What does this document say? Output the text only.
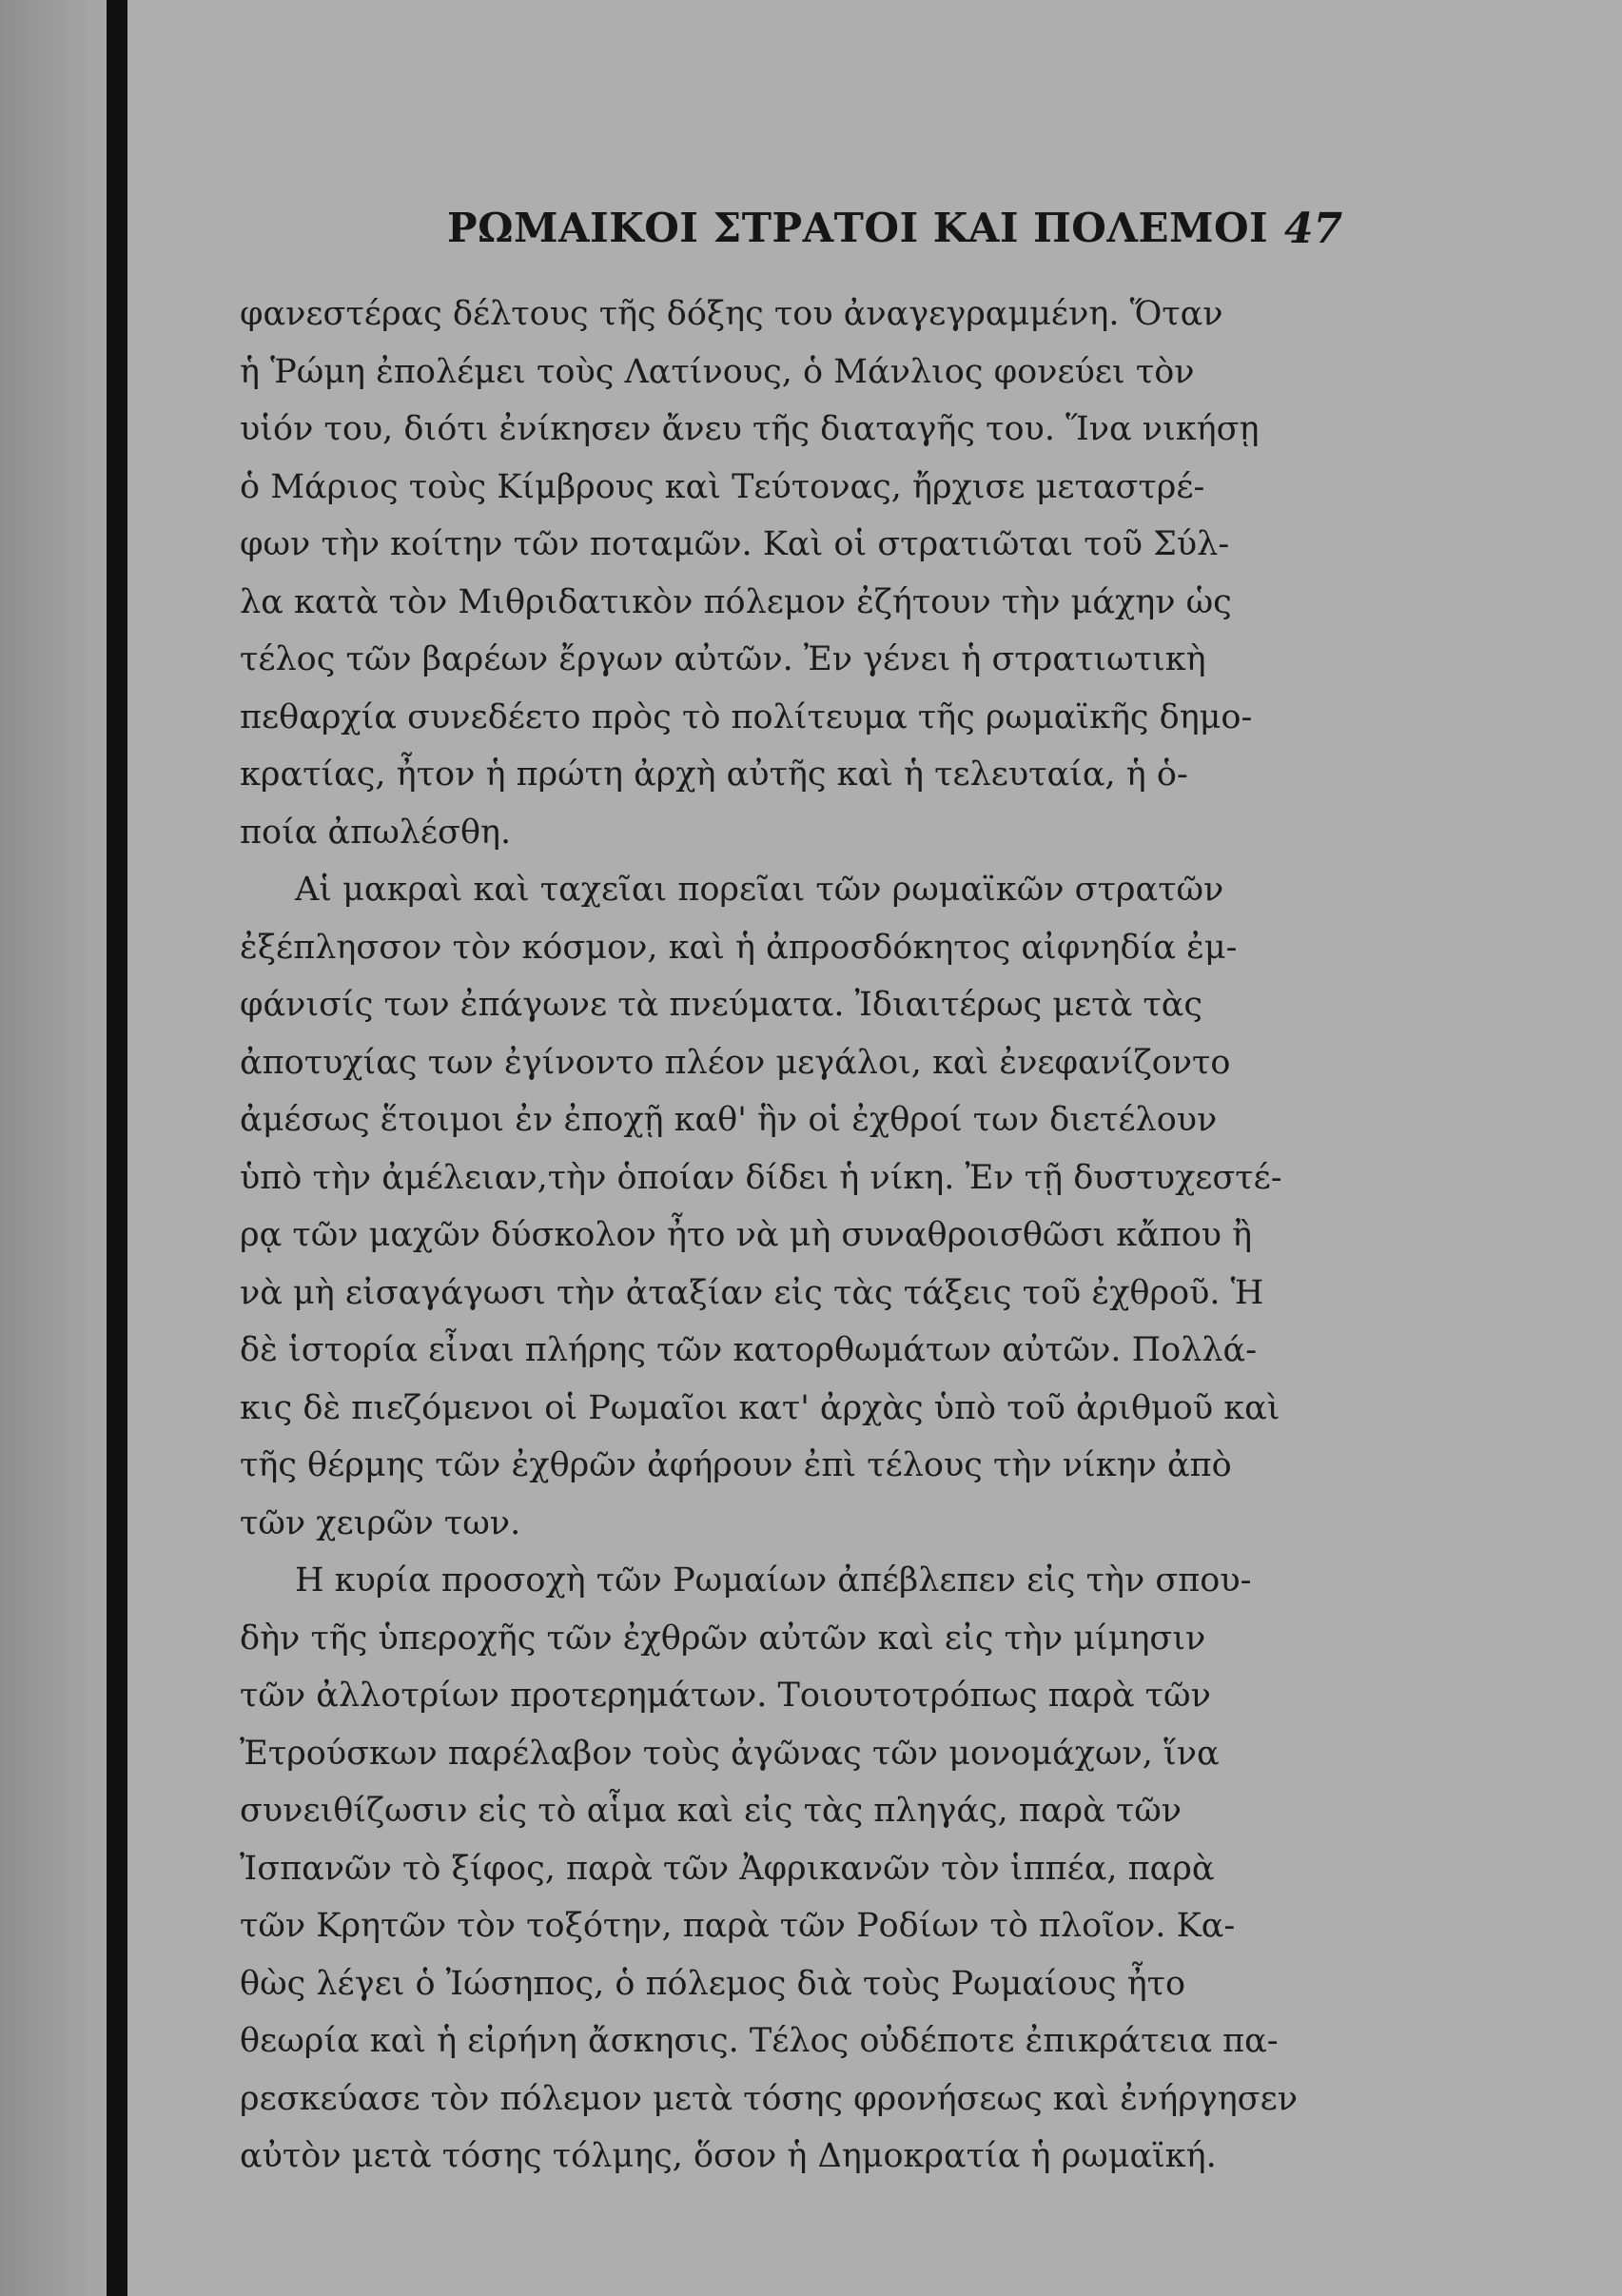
ΡΩΜΑΙΚΟΙ ΣΤΡΑΤΟΙ ΚΑΙ ΠΟΛΕΜΟΙ 47
φανεστέρας δέλτους τῆς δόξης του ἀναγεγραμμένη. Ὅταν
ἡ Ῥώμη ἐπολέμει τοὺς Λατίνους, ὁ Μάνλιος φονεύει τὸν
υἱόν του, διότι ἐνίκησεν ἄνευ τῆς διαταγῆς του. Ἵνα νικήσῃ
ὁ Μάριος τοὺς Κίμβρους καὶ Τεύτονας, ἤρχισε μεταστρέ-
φων τὴν κοίτην τῶν ποταμῶν. Καὶ οἱ στρατιῶται τοῦ Σύλ-
λα κατὰ τὸν Μιθριδατικὸν πόλεμον ἐζήτουν τὴν μάχην ὡς
τέλος τῶν βαρέων ἔργων αὐτῶν. Ἐν γένει ἡ στρατιωτικὴ
πεθαρχία συνεδέετο πρὸς τὸ πολίτευμα τῆς ρωμαϊκῆς δημο-
κρατίας, ἦτον ἡ πρώτη ἀρχὴ αὐτῆς καὶ ἡ τελευταία, ἡ ὁ-
ποία ἀπωλέσθη.
Αἱ μακραὶ καὶ ταχεῖαι πορεῖαι τῶν ρωμαϊκῶν στρατῶν
ἐξέπλησσον τὸν κόσμον, καὶ ἡ ἀπροσδόκητος αἰφνηδία ἐμ-
φάνισίς των ἐπάγωνε τὰ πνεύματα. Ἰδιαιτέρως μετὰ τὰς
ἀποτυχίας των ἐγίνοντο πλέον μεγάλοι, καὶ ἐνεφανίζοντο
ἀμέσως ἕτοιμοι ἐν ἐποχῇ καθ' ἣν οἱ ἐχθροί των διετέλουν
ὑπὸ τὴν ἀμέλειαν,τὴν ὁποίαν δίδει ἡ νίκη. Ἐν τῇ δυστυχεστέ-
ρᾳ τῶν μαχῶν δύσκολον ἦτο νὰ μὴ συναθροισθῶσι κἄπου ἢ
νὰ μὴ εἰσαγάγωσι τὴν ἀταξίαν εἰς τὰς τάξεις τοῦ ἐχθροῦ. Ἡ
δὲ ἱστορία εἶναι πλήρης τῶν κατορθωμάτων αὐτῶν. Πολλά-
κις δὲ πιεζόμενοι οἱ Ρωμαῖοι κατ' ἀρχὰς ὑπὸ τοῦ ἀριθμοῦ καὶ
τῆς θέρμης τῶν ἐχθρῶν ἀφήρουν ἐπὶ τέλους τὴν νίκην ἀπὸ
τῶν χειρῶν των.
Η κυρία προσοχὴ τῶν Ρωμαίων ἀπέβλεπεν εἰς τὴν σπου-
δὴν τῆς ὑπεροχῆς τῶν ἐχθρῶν αὐτῶν καὶ εἰς τὴν μίμησιν
τῶν ἀλλοτρίων προτερημάτων. Τοιουτοτρόπως παρὰ τῶν
Ἐτρούσκων παρέλαβον τοὺς ἀγῶνας τῶν μονομάχων, ἵνα
συνειθίζωσιν εἰς τὸ αἷμα καὶ εἰς τὰς πληγάς, παρὰ τῶν
Ἰσπανῶν τὸ ξίφος, παρὰ τῶν Ἀφρικανῶν τὸν ἱππέα, παρὰ
τῶν Κρητῶν τὸν τοξότην, παρὰ τῶν Ροδίων τὸ πλοῖον. Κα-
θὼς λέγει ὁ Ἰώσηπος, ὁ πόλεμος διὰ τοὺς Ρωμαίους ἦτο
θεωρία καὶ ἡ εἰρήνη ἄσκησις. Τέλος οὐδέποτε ἐπικράτεια πα-
ρεσκεύασε τὸν πόλεμον μετὰ τόσης φρονήσεως καὶ ἐνήργησεν
αὐτὸν μετὰ τόσης τόλμης, ὅσον ἡ Δημοκρατία ἡ ρωμαϊκή.
